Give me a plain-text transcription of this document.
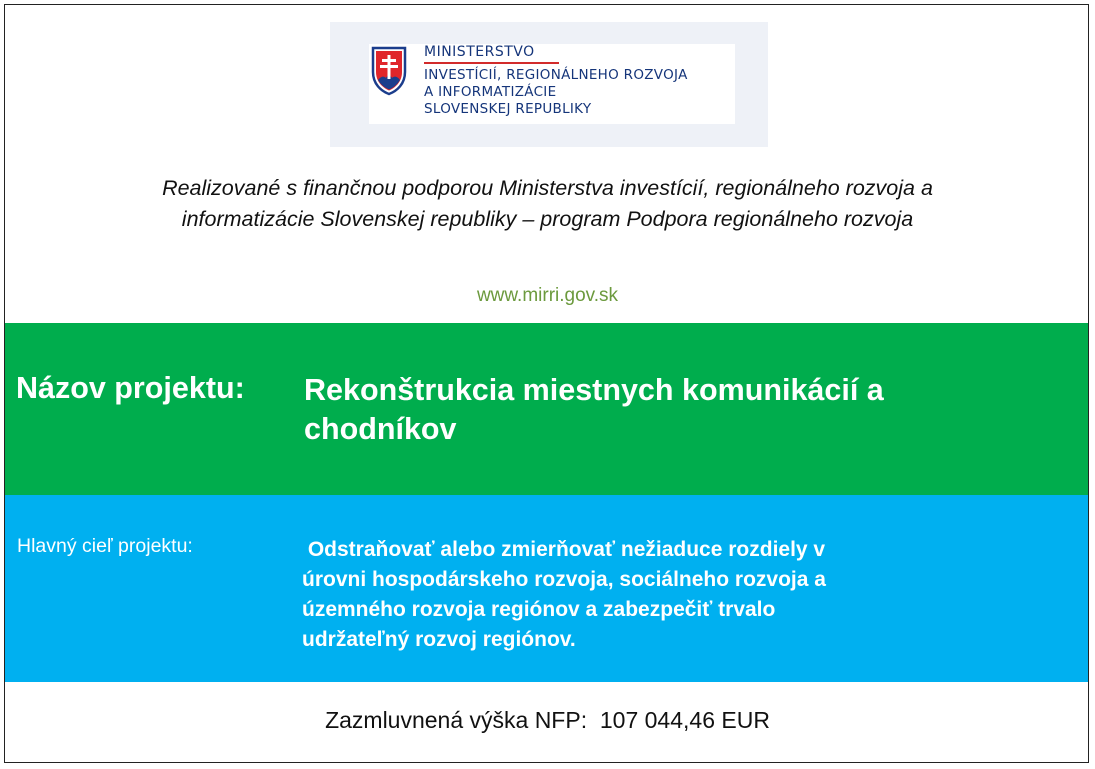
MINISTERSTVO
INVESTÍCIÍ, REGIONÁLNEHO ROZVOJA
A INFORMATIZÁCIE
SLOVENSKEJ REPUBLIKY
Realizované s finančnou podporou Ministerstva investícií, regionálneho rozvoja a
informatizácie Slovenskej republiky – program Podpora regionálneho rozvoja
www.mirri.gov.sk
Názov projektu: Rekonštrukcia miestnych komunikácií a
chodníkov
Hlavný cieľ projektu:	Odstraňovať alebo zmierňovať nežiaduce rozdiely v
úrovni hospodárskeho rozvoja, sociálneho rozvoja a
územného rozvoja regiónov a zabezpečiť trvalo
udržateľný rozvoj regiónov.
Zazmluvnená výška NFP:  107 044,46 EUR
